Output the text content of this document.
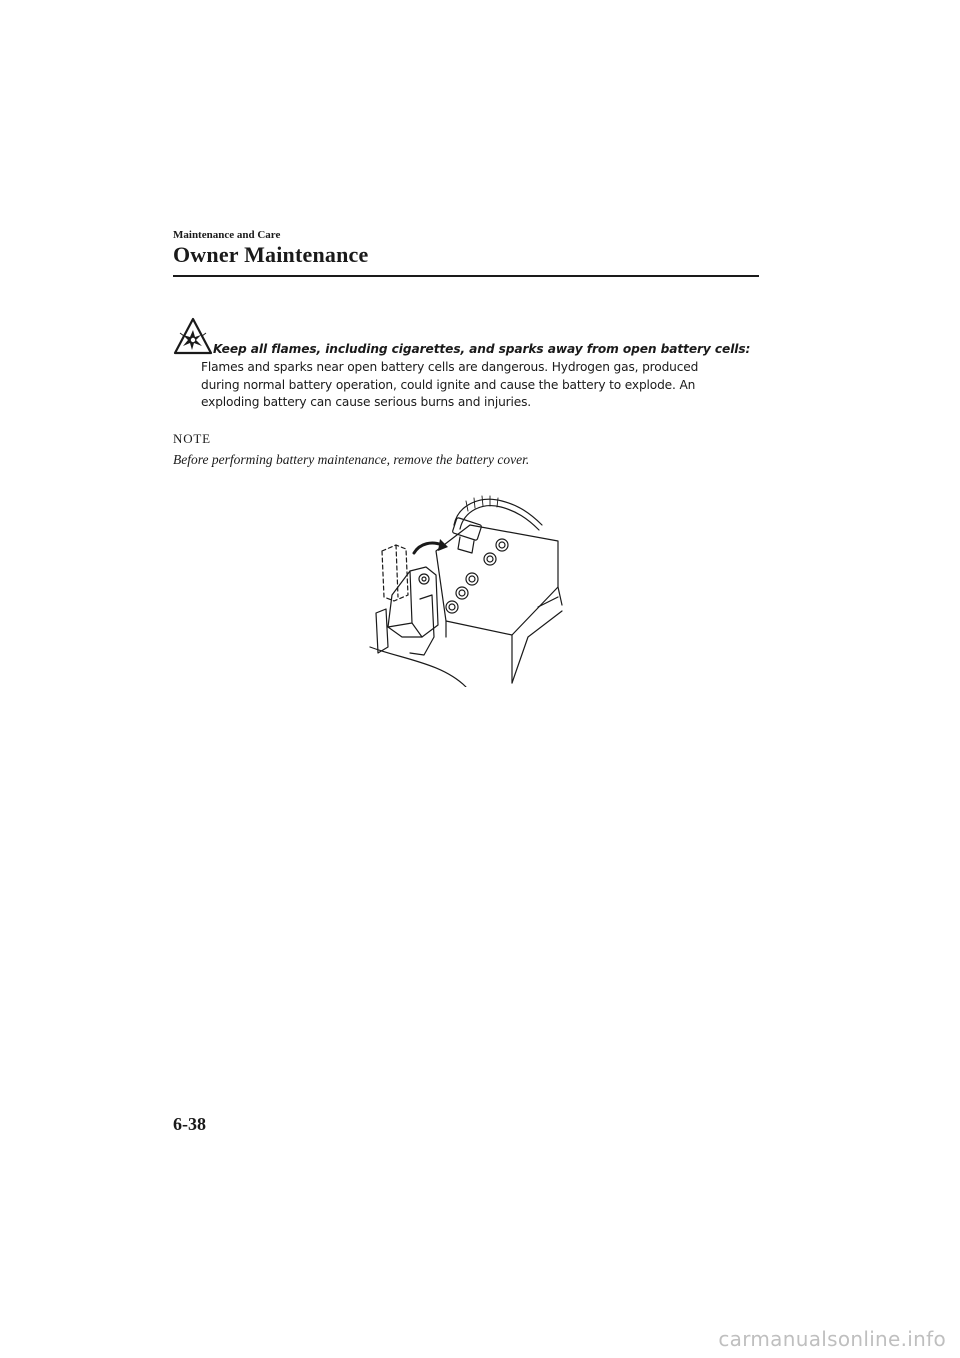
Maintenance and Care
Owner Maintenance
Keep all flames, including cigarettes, and sparks away from open battery cells:
Flames and sparks near open battery cells are dangerous. Hydrogen gas, produced
during normal battery operation, could ignite and cause the battery to explode. An
exploding battery can cause serious burns and injuries.
NOTE
Before performing battery maintenance, remove the battery cover.
6-38
carmanualsonline.info
